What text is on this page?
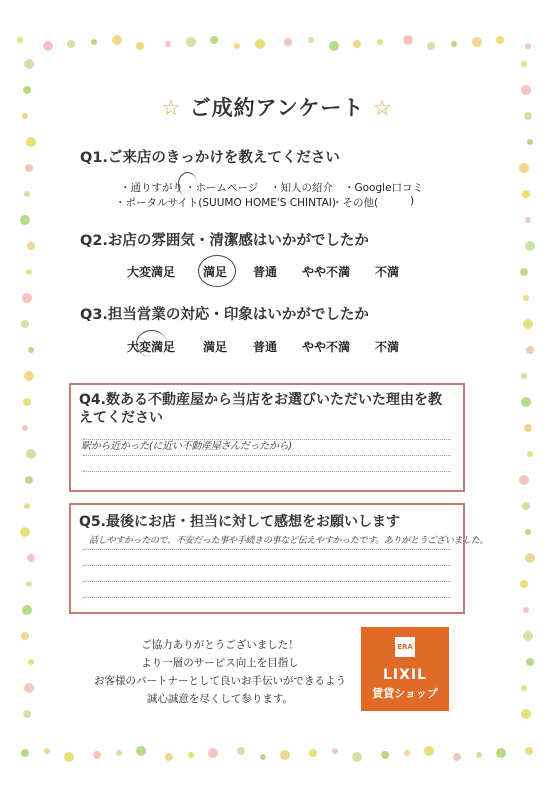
☆ ご成約アンケート ☆
Q1.ご来店のきっかけを教えてください
・通りすがり ・ホームページ ・知人の紹介 ・Google口コミ
・ポータルサイト(SUUMO HOME'S CHINTAI)
・その他(	)
Q2.お店の雰囲気・清潔感はいかがでしたか
大変満足 満足 普通 やや不満 不満
Q3.担当営業の対応・印象はいかがでしたか
大変満足 満足 普通 やや不満 不満
Q4.数ある不動産屋から当店をお選びいただいた理由を教えてください
駅から近かった(に近い不動産屋さんだったから)
Q5.最後にお店・担当に対して感想をお願いします
話しやすかったので、不安だった事や手続きの事など伝えやすかったです。ありがとうございました。
ご協力ありがとうございました！
より一層のサービス向上を目指し
お客様のパートナーとして良いお手伝いができるよう
誠心誠意を尽くして参ります。
ERA
LIXIL
賃貸ショップ
